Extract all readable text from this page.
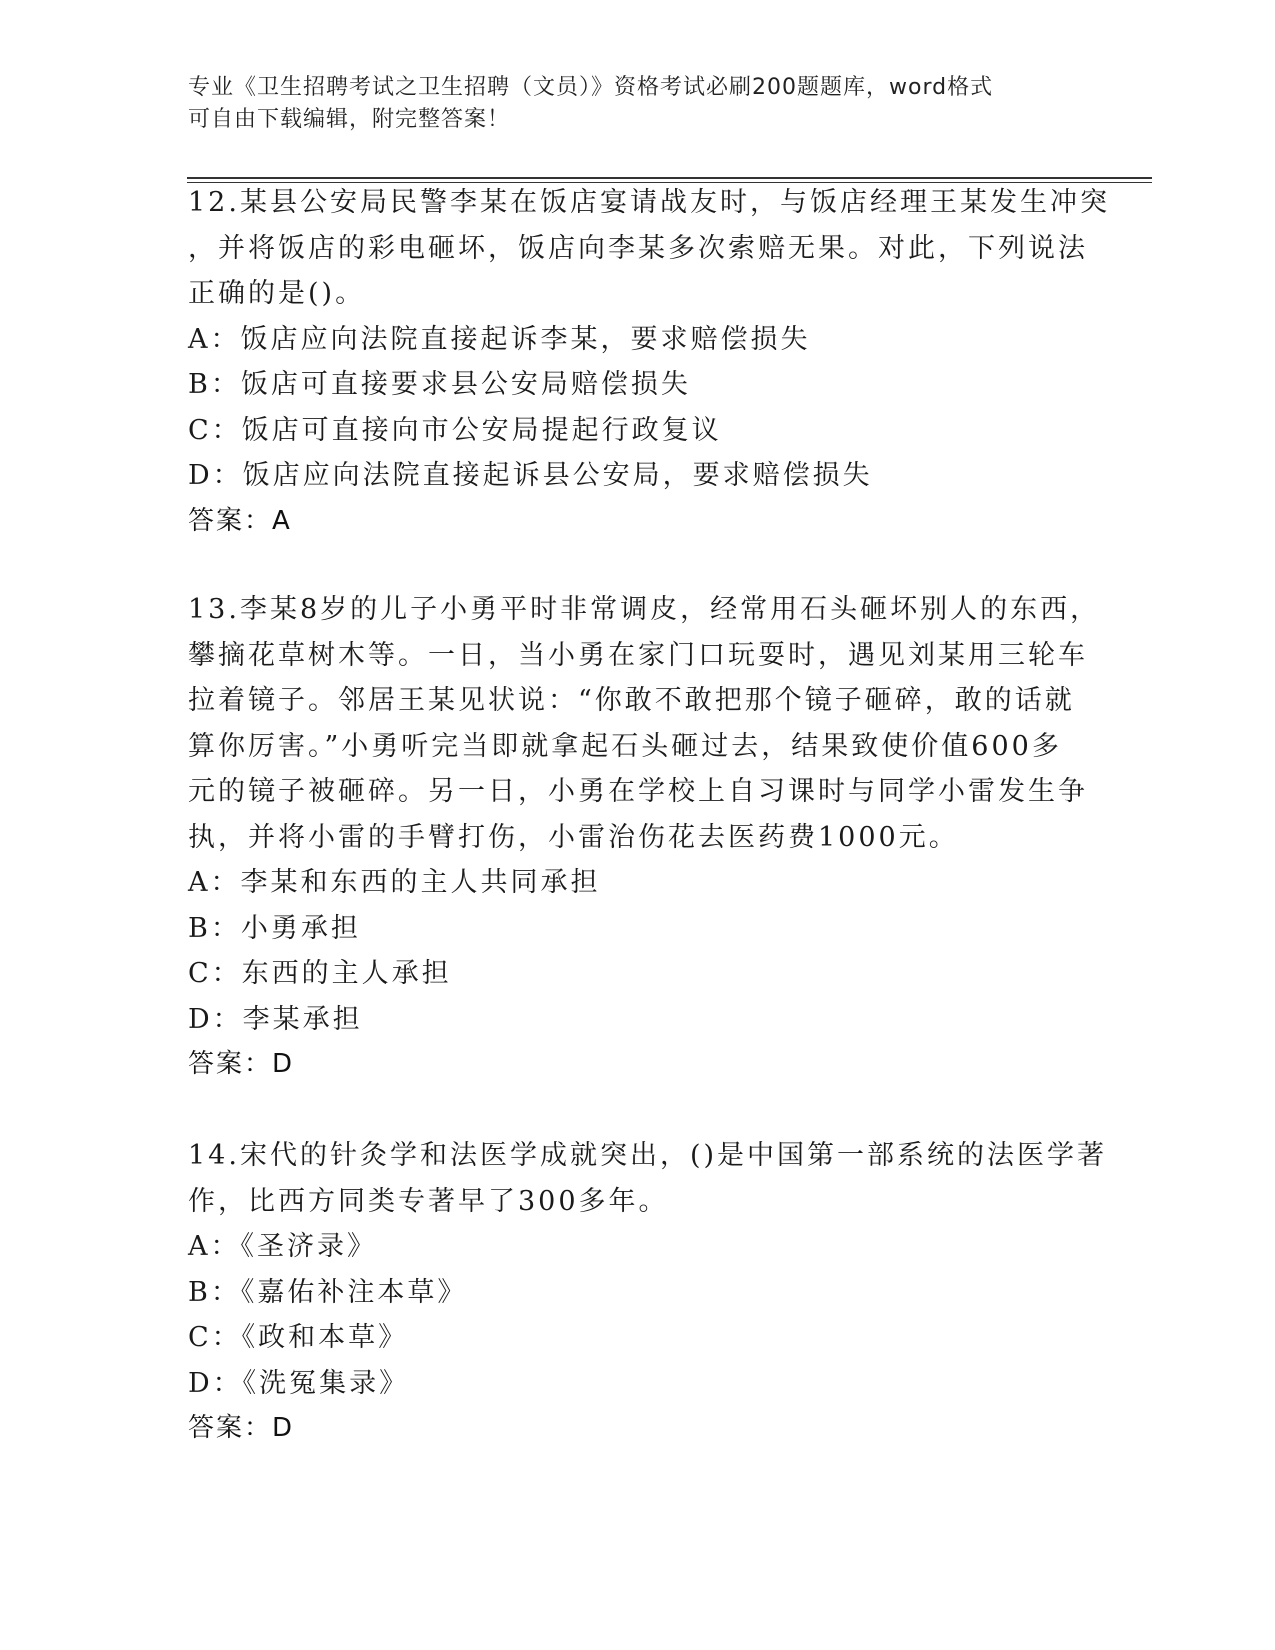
专业《卫生招聘考试之卫生招聘（文员）》资格考试必刷200题题库，word格式
可自由下载编辑，附完整答案！
12.某县公安局民警李某在饭店宴请战友时，与饭店经理王某发生冲突
，并将饭店的彩电砸坏，饭店向李某多次索赔无果。对此，下列说法
正确的是()。
A：饭店应向法院直接起诉李某，要求赔偿损失
B：饭店可直接要求县公安局赔偿损失
C：饭店可直接向市公安局提起行政复议
D：饭店应向法院直接起诉县公安局，要求赔偿损失
答案：A
13.李某8岁的儿子小勇平时非常调皮，经常用石头砸坏别人的东西，
攀摘花草树木等。一日，当小勇在家门口玩耍时，遇见刘某用三轮车
拉着镜子。邻居王某见状说：“你敢不敢把那个镜子砸碎，敢的话就
算你厉害。”小勇听完当即就拿起石头砸过去，结果致使价值600多
元的镜子被砸碎。另一日，小勇在学校上自习课时与同学小雷发生争
执，并将小雷的手臂打伤，小雷治伤花去医药费1000元。
A：李某和东西的主人共同承担
B：小勇承担
C：东西的主人承担
D：李某承担
答案：D
14.宋代的针灸学和法医学成就突出，()是中国第一部系统的法医学著
作，比西方同类专著早了300多年。
A：《圣济录》
B：《嘉佑补注本草》
C：《政和本草》
D：《洗冤集录》
答案：D
